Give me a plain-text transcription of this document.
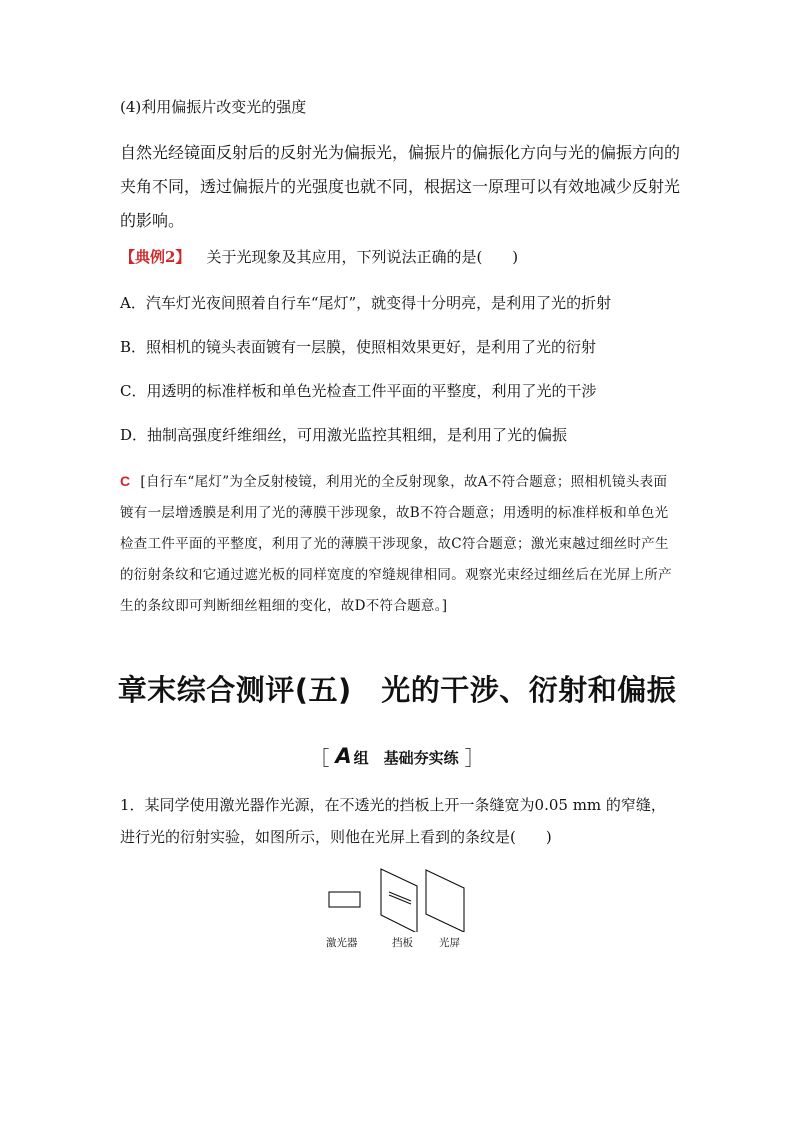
(4)利用偏振片改变光的强度
自然光经镜面反射后的反射光为偏振光，偏振片的偏振化方向与光的偏振方向的夹角不同，透过偏振片的光强度也就不同，根据这一原理可以有效地减少反射光的影响。
【典例2】 关于光现象及其应用，下列说法正确的是(　　)
A．汽车灯光夜间照着自行车“尾灯”，就变得十分明亮，是利用了光的折射
B．照相机的镜头表面镀有一层膜，使照相效果更好，是利用了光的衍射
C．用透明的标准样板和单色光检查工件平面的平整度，利用了光的干涉
D．抽制高强度纤维细丝，可用激光监控其粗细，是利用了光的偏振
C [自行车“尾灯”为全反射棱镜，利用光的全反射现象，故A不符合题意；照相机镜头表面镀有一层增透膜是利用了光的薄膜干涉现象，故B不符合题意；用透明的标准样板和单色光检查工件平面的平整度，利用了光的薄膜干涉现象，故C符合题意；激光束越过细丝时产生的衍射条纹和它通过遮光板的同样宽度的窄缝规律相同。观察光束经过细丝后在光屏上所产生的条纹即可判断细丝粗细的变化，故D不符合题意。]
章末综合测评(五)　光的干涉、衍射和偏振
［ A 组　基础夯实练 ］
1．某同学使用激光器作光源，在不透光的挡板上开一条缝宽为0.05 mm 的窄缝，进行光的衍射实验，如图所示，则他在光屏上看到的条纹是(　　)
激光器	挡板 光屏
